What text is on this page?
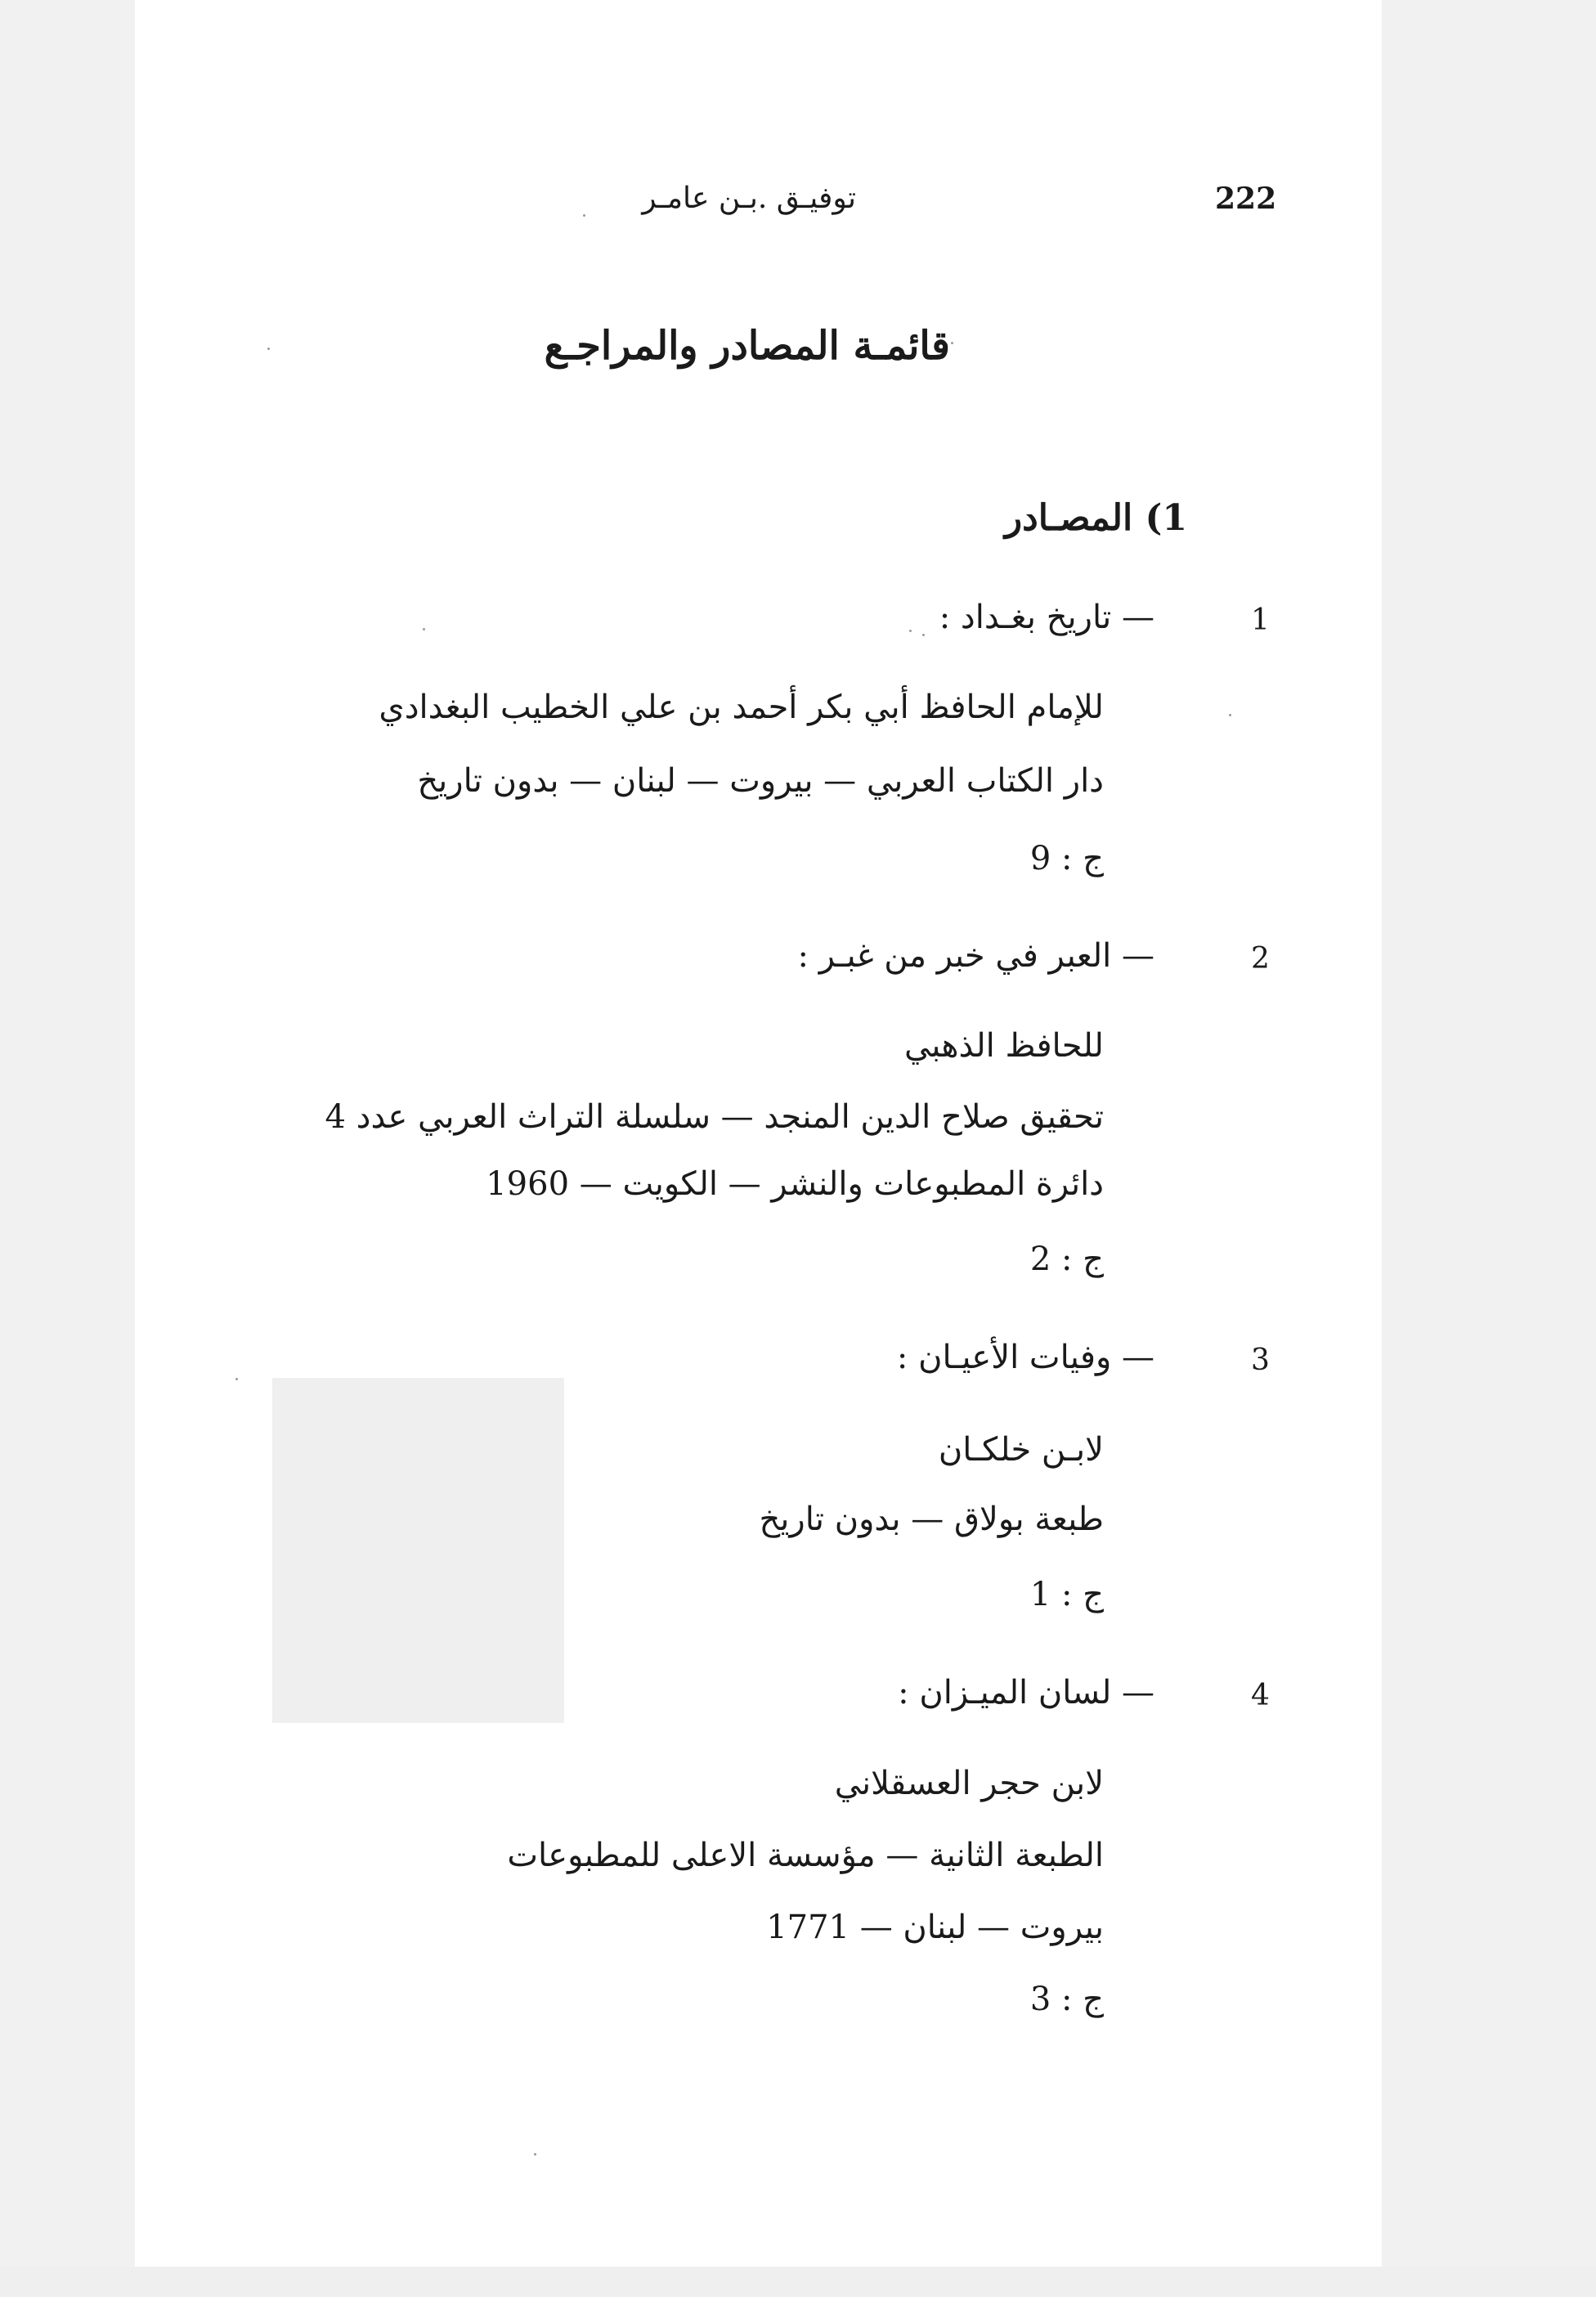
222
توفيـق .بـن عامـر
قائمـة المصادر والمراجـع
1) المصـادر
1
— تاريخ بغـداد :
للإمام الحافظ أبي بكر أحمد بن علي الخطيب البغدادي
دار الكتاب العربي — بيروت — لبنان — بدون تاريخ
ج : 9
2
— العبر في خبر من غبـر :
للحافظ الذهبي
تحقيق صلاح الدين المنجد — سلسلة التراث العربي عدد 4
دائرة المطبوعات والنشر — الكويت — 1960
ج : 2
3
— وفيات الأعيـان :
لابـن خلكـان
طبعة بولاق — بدون تاريخ
ج : 1
4
— لسان الميـزان :
لابن حجر العسقلاني
الطبعة الثانية — مؤسسة الاعلى للمطبوعات
بيروت — لبنان — 1771
ج : 3
